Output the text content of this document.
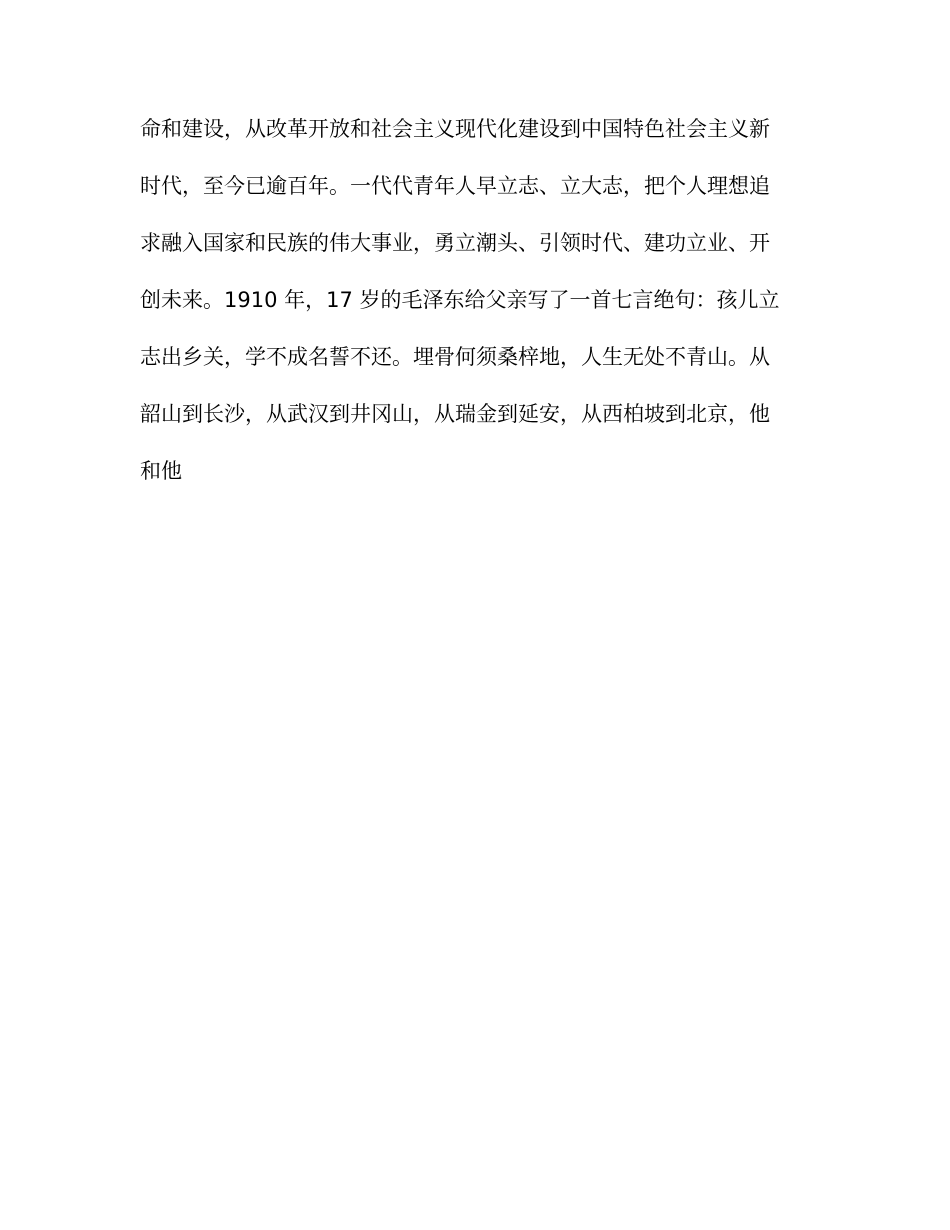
命和建设，从改革开放和社会主义现代化建设到中国特色社会主义新
时代，至今已逾百年。一代代青年人早立志、立大志，把个人理想追
求融入国家和民族的伟大事业，勇立潮头、引领时代、建功立业、开
创未来。1910 年，17 岁的毛泽东给父亲写了一首七言绝句：孩儿立
志出乡关，学不成名誓不还。埋骨何须桑梓地，人生无处不青山。从
韶山到长沙，从武汉到井冈山，从瑞金到延安，从西柏坡到北京，他
和他
